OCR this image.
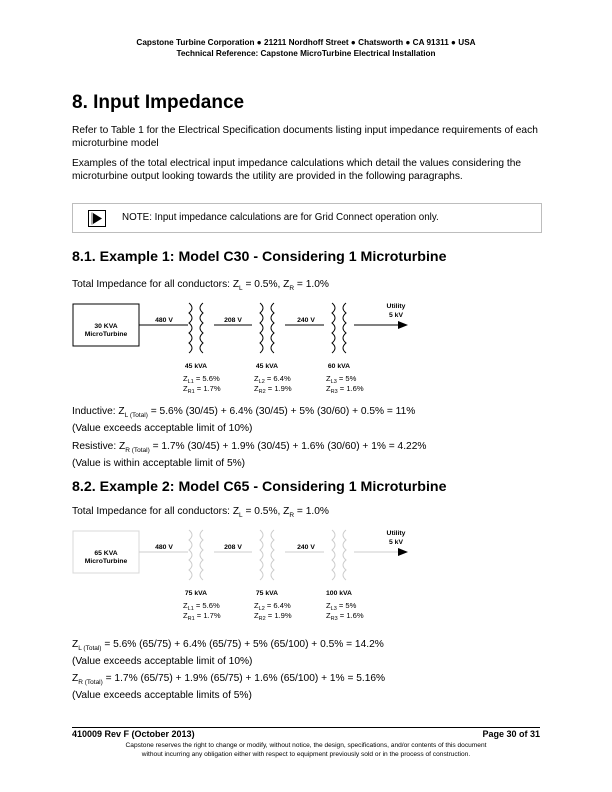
Capstone Turbine Corporation ● 21211 Nordhoff Street ● Chatsworth ● CA 91311 ● USA
Technical Reference: Capstone MicroTurbine Electrical Installation
8. Input Impedance

Refer to Table 1 for the Electrical Specification documents listing input impedance requirements of each microturbine model

Examples of the total electrical input impedance calculations which detail the values considering the microturbine output looking towards the utility are provided in the following paragraphs.

NOTE: Input impedance calculations are for Grid Connect operation only.
8.1. Example 1: Model C30 - Considering 1 Microturbine

Total Impedance for all conductors: $Z_L = 0.5\%$, $Z_R = 1.0\%$

30 KVA
MicroTurbine
480 V	208 V	240 V
Utility
5 kV
45 kVA
$Z_{L1} = 5.6\%$
$Z_{R1} = 1.7\%$
45 kVA
$Z_{L2} = 6.4\%$
$Z_{R2} = 1.9\%$
60 kVA
$Z_{L3} = 5\%$
$Z_{R3} = 1.6\%$

Inductive: $Z_{L (Total)} = 5.6\%$ (30/45) + 6.4% (30/45) + 5% (30/60) + 0.5% = 11%
(Value exceeds acceptable limit of 10%)

Resistive: $Z_{R (Total)} = 1.7\%$ (30/45) + 1.9% (30/45) + 1.6% (30/60) + 1% = 4.22%
(Value is within acceptable limit of 5%)

8.2. Example 2: Model C65 - Considering 1 Microturbine

Total Impedance for all conductors: $Z_L = 0.5\%$, $Z_R = 1.0\%$

65 KVA
MicroTurbine
480 V	208 V	240 V
Utility
5 kV
75 kVA
$Z_{L1} = 5.6\%$
$Z_{R1} = 1.7\%$
75 kVA
$Z_{L2} = 6.4\%$
$Z_{R2} = 1.9\%$
100 kVA
$Z_{L3} = 5\%$
$Z_{R3} = 1.6\%$

$Z_{L (Total)} = 5.6\%$ (65/75) + 6.4% (65/75) + 5% (65/100) + 0.5% = 14.2%
(Value exceeds acceptable limit of 10%)

$Z_{R (Total)} = 1.7\%$ (65/75) + 1.9% (65/75) + 1.6% (65/100) + 1% = 5.16%
(Value exceeds acceptable limits of 5%)

410009 Rev F (October 2013)	Page 30 of 31
Capstone reserves the right to change or modify, without notice, the design, specifications, and/or contents of this document
without incurring any obligation either with respect to equipment previously sold or in the process of construction.
